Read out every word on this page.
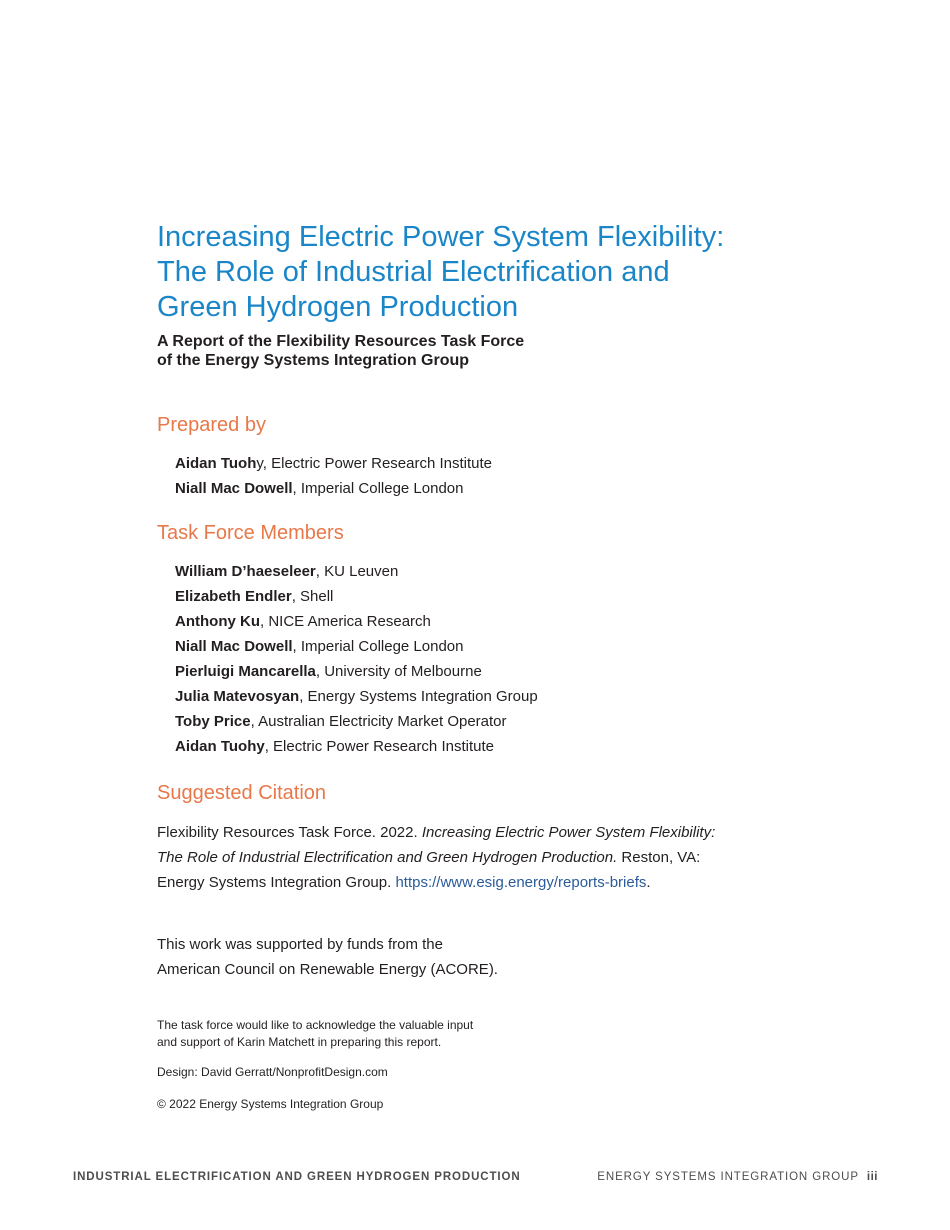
Increasing Electric Power System Flexibility:
The Role of Industrial Electrification and
Green Hydrogen Production
A Report of the Flexibility Resources Task Force
of the Energy Systems Integration Group
Prepared by
Aidan Tuohy, Electric Power Research Institute
Niall Mac Dowell, Imperial College London
Task Force Members
William D’haeseleer, KU Leuven
Elizabeth Endler, Shell
Anthony Ku, NICE America Research
Niall Mac Dowell, Imperial College London
Pierluigi Mancarella, University of Melbourne
Julia Matevosyan, Energy Systems Integration Group
Toby Price, Australian Electricity Market Operator
Aidan Tuohy, Electric Power Research Institute
Suggested Citation
Flexibility Resources Task Force. 2022. Increasing Electric Power System Flexibility:
The Role of Industrial Electrification and Green Hydrogen Production. Reston, VA:
Energy Systems Integration Group. https://www.esig.energy/reports-briefs.
This work was supported by funds from the
American Council on Renewable Energy (ACORE).
The task force would like to acknowledge the valuable input
and support of Karin Matchett in preparing this report.
Design: David Gerratt/NonprofitDesign.com
© 2022 Energy Systems Integration Group
INDUSTRIAL ELECTRIFICATION AND GREEN HYDROGEN PRODUCTION	ENERGY SYSTEMS INTEGRATION GROUP iii
